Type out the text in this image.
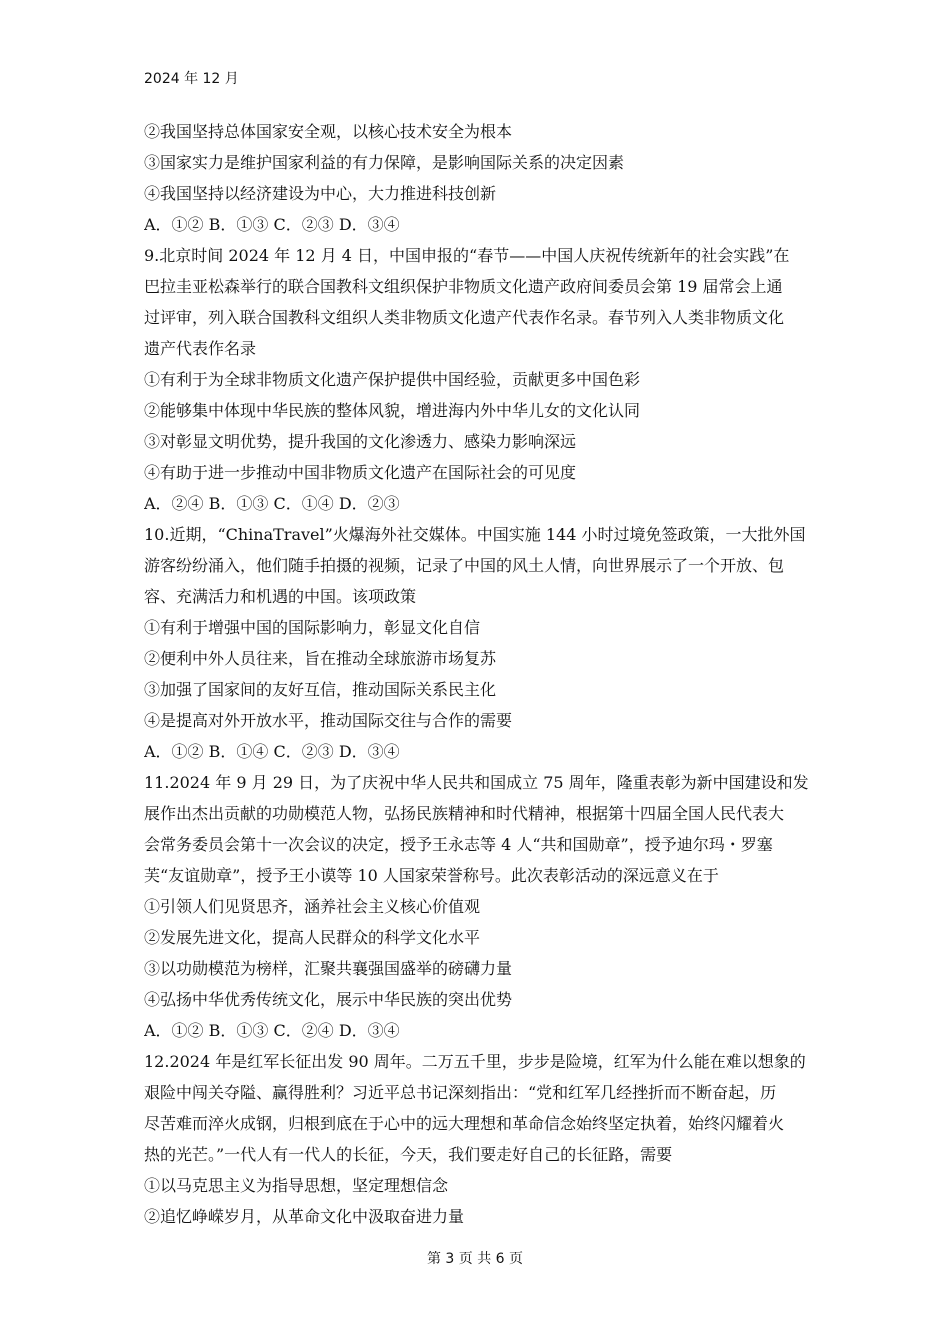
2024 年 12 月
②我国坚持总体国家安全观，以核心技术安全为根本
③国家实力是维护国家利益的有力保障，是影响国际关系的决定因素
④我国坚持以经济建设为中心，大力推进科技创新
A．①② B．①③ C．②③ D．③④
9.北京时间 2024 年 12 月 4 日，中国申报的“春节——中国人庆祝传统新年的社会实践”在
巴拉圭亚松森举行的联合国教科文组织保护非物质文化遗产政府间委员会第 19 届常会上通
过评审，列入联合国教科文组织人类非物质文化遗产代表作名录。春节列入人类非物质文化
遗产代表作名录
①有利于为全球非物质文化遗产保护提供中国经验，贡献更多中国色彩
②能够集中体现中华民族的整体风貌，增进海内外中华儿女的文化认同
③对彰显文明优势，提升我国的文化渗透力、感染力影响深远
④有助于进一步推动中国非物质文化遗产在国际社会的可见度
A．②④ B．①③ C．①④ D．②③
10.近期，“ChinaTravel”火爆海外社交媒体。中国实施 144 小时过境免签政策，一大批外国
游客纷纷涌入，他们随手拍摄的视频，记录了中国的风土人情，向世界展示了一个开放、包
容、充满活力和机遇的中国。该项政策
①有利于增强中国的国际影响力，彰显文化自信
②便利中外人员往来，旨在推动全球旅游市场复苏
③加强了国家间的友好互信，推动国际关系民主化
④是提高对外开放水平，推动国际交往与合作的需要
A．①② B．①④ C．②③ D．③④
11.2024 年 9 月 29 日，为了庆祝中华人民共和国成立 75 周年，隆重表彰为新中国建设和发
展作出杰出贡献的功勋模范人物，弘扬民族精神和时代精神，根据第十四届全国人民代表大
会常务委员会第十一次会议的决定，授予王永志等 4 人“共和国勋章”，授予迪尔玛・罗塞
芙“友谊勋章”，授予王小谟等 10 人国家荣誉称号。此次表彰活动的深远意义在于
①引领人们见贤思齐，涵养社会主义核心价值观
②发展先进文化，提高人民群众的科学文化水平
③以功勋模范为榜样，汇聚共襄强国盛举的磅礴力量
④弘扬中华优秀传统文化，展示中华民族的突出优势
A．①② B．①③ C．②④ D．③④
12.2024 年是红军长征出发 90 周年。二万五千里，步步是险境，红军为什么能在难以想象的
艰险中闯关夺隘、赢得胜利？习近平总书记深刻指出：“党和红军几经挫折而不断奋起，历
尽苦难而淬火成钢，归根到底在于心中的远大理想和革命信念始终坚定执着，始终闪耀着火
热的光芒。”一代人有一代人的长征，今天，我们要走好自己的长征路，需要
①以马克思主义为指导思想，坚定理想信念
②追忆峥嵘岁月，从革命文化中汲取奋进力量
第 3 页 共 6 页
